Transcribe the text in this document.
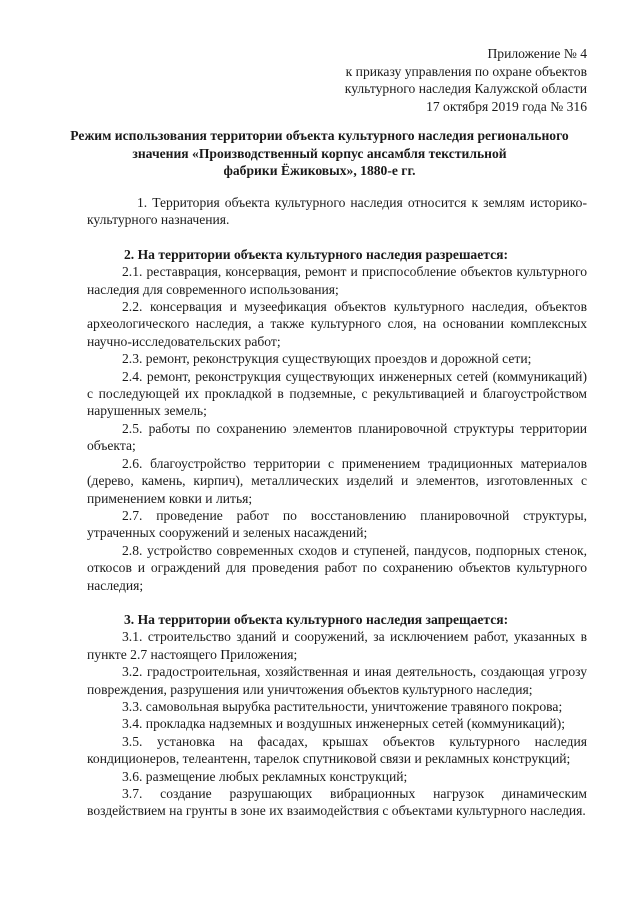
Приложение № 4
к приказу управления по охране объектов
культурного наследия Калужской области
17 октября 2019 года № 316
Режим использования территории объекта культурного наследия регионального
значения «Производственный корпус ансамбля текстильной
фабрики Ёжиковых», 1880-е гг.

1. Территория объекта культурного наследия относится к землям историко-культурного назначения.

2. На территории объекта культурного наследия разрешается:

2.1. реставрация, консервация, ремонт и приспособление объектов культурного наследия для современного использования;

2.2. консервация и музеефикация объектов культурного наследия, объектов археологического наследия, а также культурного слоя, на основании комплексных научно-исследовательских работ;

2.3. ремонт, реконструкция существующих проездов и дорожной сети;

2.4. ремонт, реконструкция существующих инженерных сетей (коммуникаций) с последующей их прокладкой в подземные, с рекультивацией и благоустройством нарушенных земель;

2.5. работы по сохранению элементов планировочной структуры территории объекта;

2.6. благоустройство территории с применением традиционных материалов (дерево, камень, кирпич), металлических изделий и элементов, изготовленных с применением ковки и литья;

2.7. проведение работ по восстановлению планировочной структуры, утраченных сооружений и зеленых насаждений;

2.8. устройство современных сходов и ступеней, пандусов, подпорных стенок, откосов и ограждений для проведения работ по сохранению объектов культурного наследия;

3. На территории объекта культурного наследия запрещается:

3.1. строительство зданий и сооружений, за исключением работ, указанных в пункте 2.7 настоящего Приложения;

3.2. градостроительная, хозяйственная и иная деятельность, создающая угрозу повреждения, разрушения или уничтожения объектов культурного наследия;

3.3. самовольная вырубка растительности, уничтожение травяного покрова;

3.4. прокладка надземных и воздушных инженерных сетей (коммуникаций);

3.5. установка на фасадах, крышах объектов культурного наследия кондиционеров, телеантенн, тарелок спутниковой связи и рекламных конструкций;

3.6. размещение любых рекламных конструкций;

3.7. создание разрушающих вибрационных нагрузок динамическим воздействием на грунты в зоне их взаимодействия с объектами культурного наследия.
